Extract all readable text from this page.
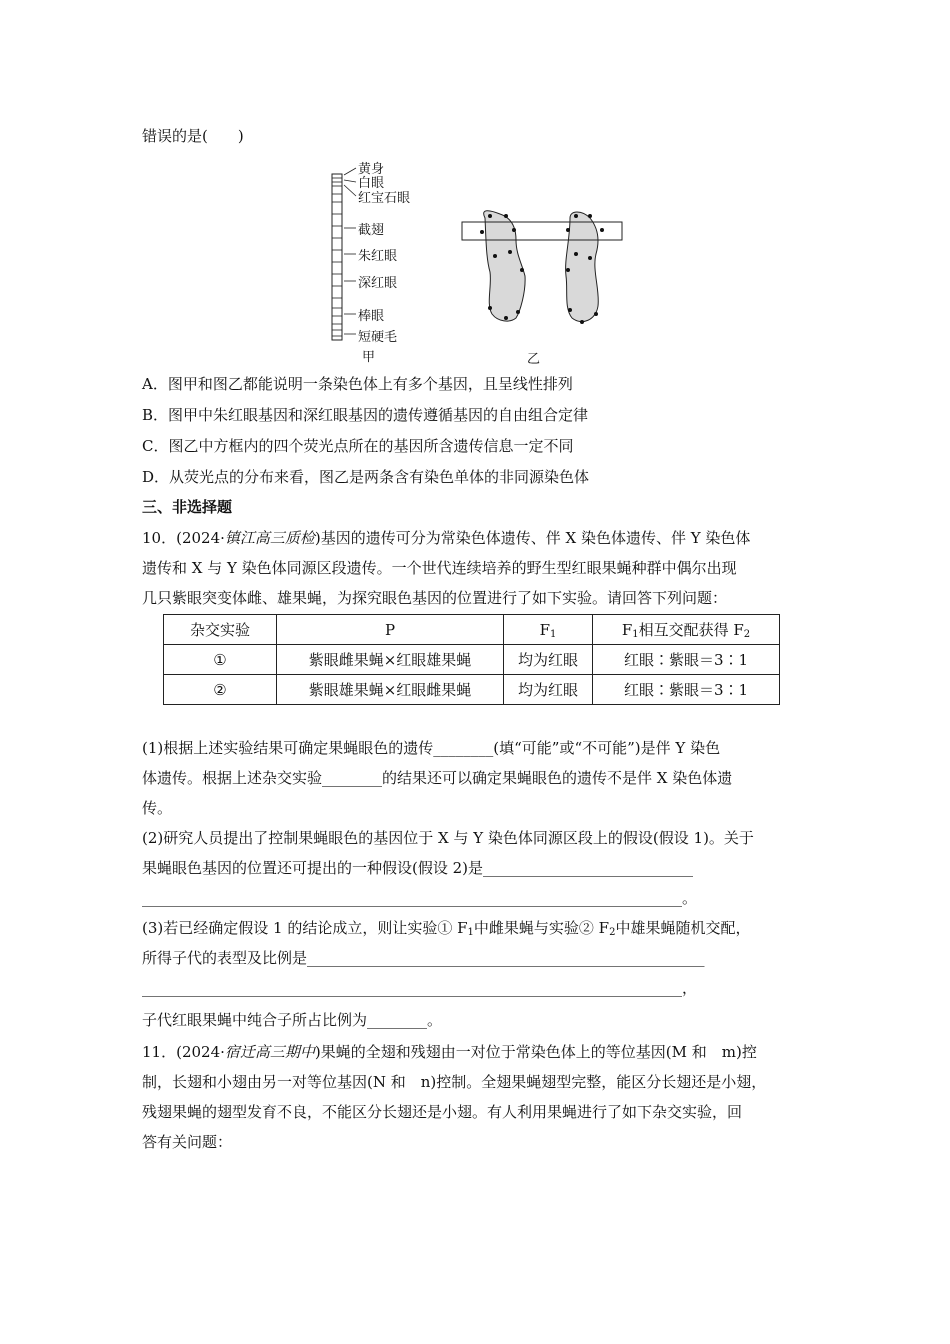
错误的是(　　)
黄身
白眼
红宝石眼
截翅
朱红眼
深红眼
棒眼
短硬毛
甲	乙
A．图甲和图乙都能说明一条染色体上有多个基因，且呈线性排列
B．图甲中朱红眼基因和深红眼基因的遗传遵循基因的自由组合定律
C．图乙中方框内的四个荧光点所在的基因所含遗传信息一定不同
D．从荧光点的分布来看，图乙是两条含有染色单体的非同源染色体
三、非选择题
10．(2024·镇江高三质检)基因的遗传可分为常染色体遗传、伴 X 染色体遗传、伴 Y 染色体
遗传和 X 与 Y 染色体同源区段遗传。一个世代连续培养的野生型红眼果蝇种群中偶尔出现
几只紫眼突变体雌、雄果蝇，为探究眼色基因的位置进行了如下实验。请回答下列问题：
杂交实验	P	$F_1$	$F_1$相互交配获得 $F_2$
①	紫眼雌果蝇×红眼雄果蝇	均为红眼	红眼∶紫眼＝3∶1
②	紫眼雄果蝇×红眼雌果蝇	均为红眼	红眼∶紫眼＝3∶1
(1)根据上述实验结果可确定果蝇眼色的遗传________(填“可能”或“不可能”)是伴 Y 染色
体遗传。根据上述杂交实验________的结果还可以确定果蝇眼色的遗传不是伴 X 染色体遗
传。
(2)研究人员提出了控制果蝇眼色的基因位于 X 与 Y 染色体同源区段上的假设(假设 1)。关于
果蝇眼色基因的位置还可提出的一种假设(假设 2)是____________________________
________________________________________________________________________。
(3)若已经确定假设 1 的结论成立，则让实验① $F_1$中雌果蝇与实验② $F_2$中雄果蝇随机交配，
所得子代的表型及比例是_____________________________________________________
________________________________________________________________________，
子代红眼果蝇中纯合子所占比例为________。
11．(2024·宿迁高三期中)果蝇的全翅和残翅由一对位于常染色体上的等位基因(M 和　m)控
制，长翅和小翅由另一对等位基因(N 和　n)控制。全翅果蝇翅型完整，能区分长翅还是小翅，
残翅果蝇的翅型发育不良，不能区分长翅还是小翅。有人利用果蝇进行了如下杂交实验，回
答有关问题：
